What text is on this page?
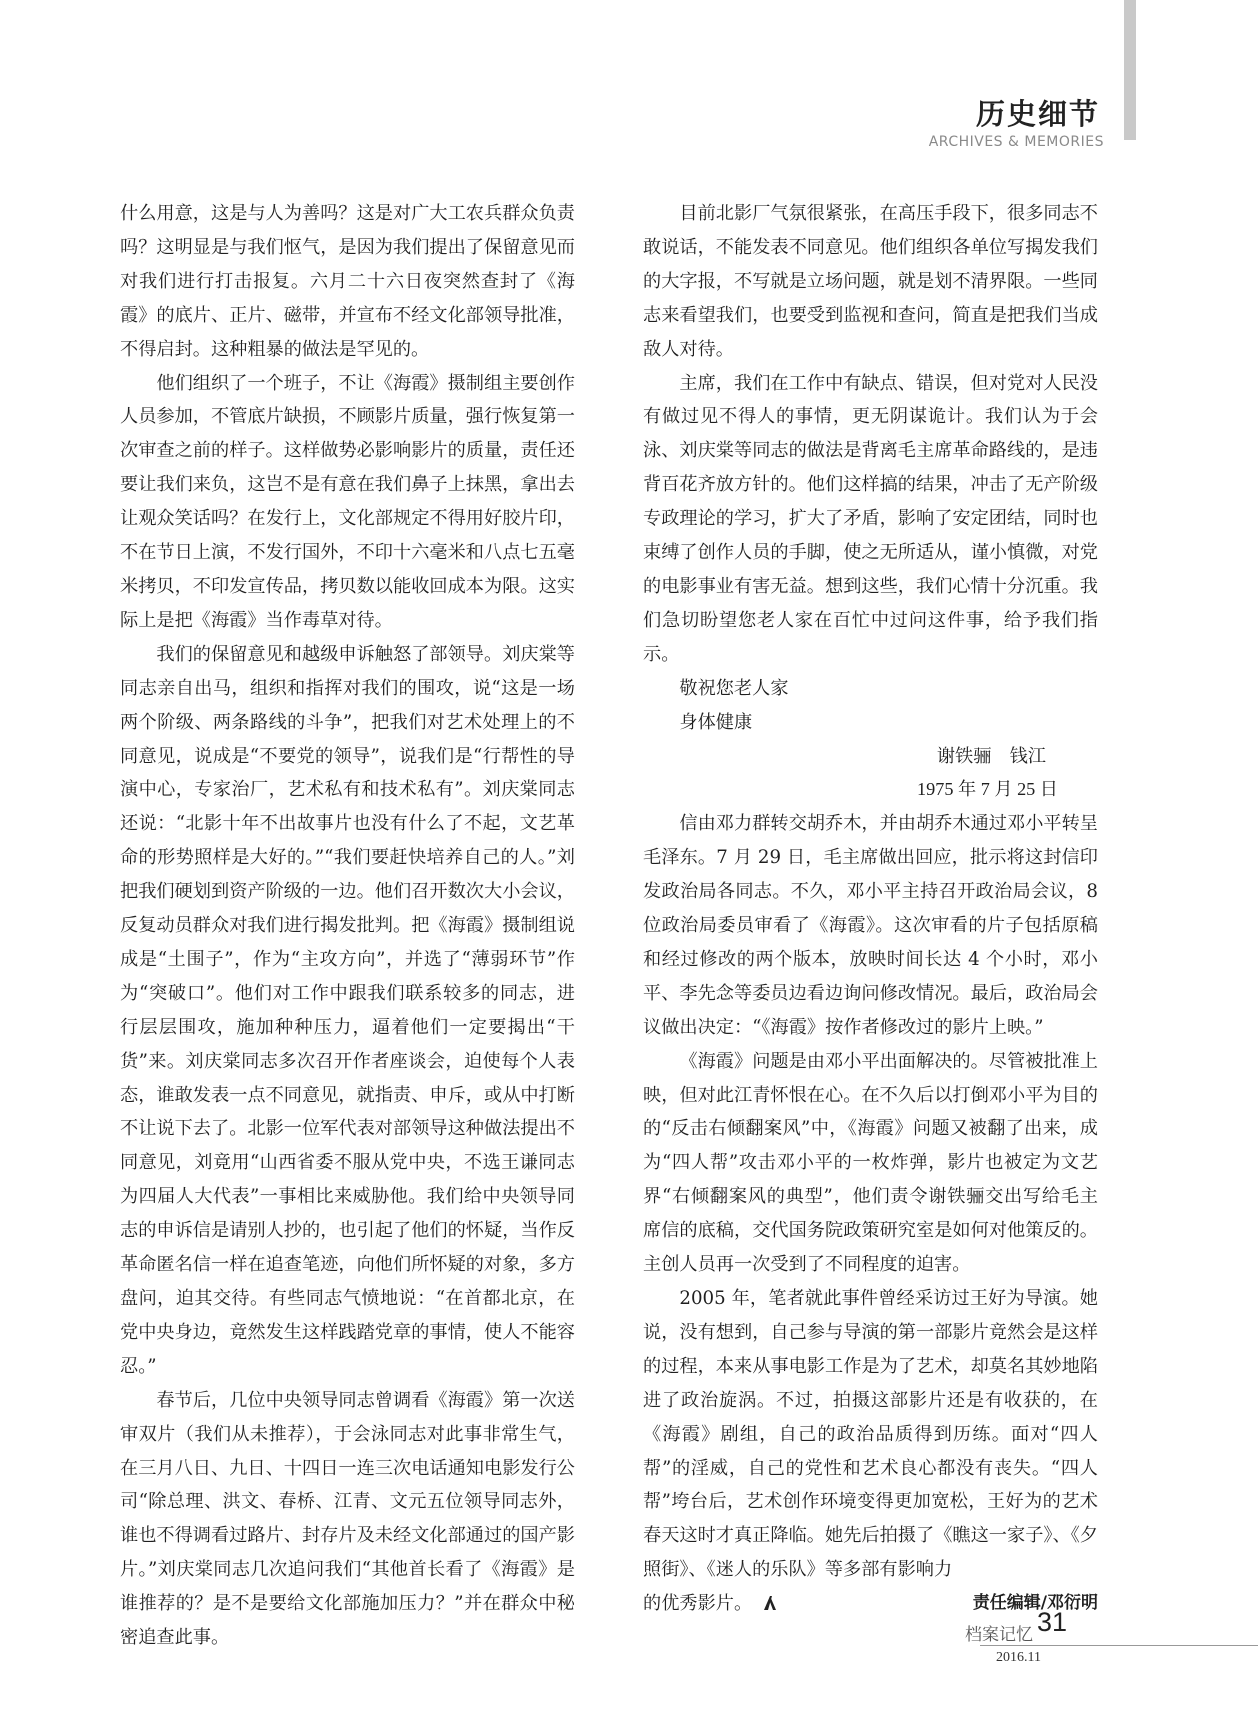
历史细节
ARCHIVES & MEMORIES

什么用意，这是与人为善吗？这是对广大工农兵群众负责吗？这明显是与我们怄气，是因为我们提出了保留意见而对我们进行打击报复。六月二十六日夜突然查封了《海霞》的底片、正片、磁带，并宣布不经文化部领导批准，不得启封。这种粗暴的做法是罕见的。

他们组织了一个班子，不让《海霞》摄制组主要创作人员参加，不管底片缺损，不顾影片质量，强行恢复第一次审查之前的样子。这样做势必影响影片的质量，责任还要让我们来负，这岂不是有意在我们鼻子上抹黑，拿出去让观众笑话吗？在发行上，文化部规定不得用好胶片印，不在节日上演，不发行国外，不印十六毫米和八点七五毫米拷贝，不印发宣传品，拷贝数以能收回成本为限。这实际上是把《海霞》当作毒草对待。

我们的保留意见和越级申诉触怒了部领导。刘庆棠等同志亲自出马，组织和指挥对我们的围攻，说“这是一场两个阶级、两条路线的斗争”，把我们对艺术处理上的不同意见，说成是“不要党的领导”，说我们是“行帮性的导演中心，专家治厂，艺术私有和技术私有”。刘庆棠同志还说：“北影十年不出故事片也没有什么了不起，文艺革命的形势照样是大好的。”“我们要赶快培养自己的人。”刘把我们硬划到资产阶级的一边。他们召开数次大小会议，反复动员群众对我们进行揭发批判。把《海霞》摄制组说成是“土围子”，作为“主攻方向”，并选了“薄弱环节”作为“突破口”。他们对工作中跟我们联系较多的同志，进行层层围攻，施加种种压力，逼着他们一定要揭出“干货”来。刘庆棠同志多次召开作者座谈会，迫使每个人表态，谁敢发表一点不同意见，就指责、申斥，或从中打断不让说下去了。北影一位军代表对部领导这种做法提出不同意见，刘竟用“山西省委不服从党中央，不选王谦同志为四届人大代表”一事相比来威胁他。我们给中央领导同志的申诉信是请别人抄的，也引起了他们的怀疑，当作反革命匿名信一样在追查笔迹，向他们所怀疑的对象，多方盘问，迫其交待。有些同志气愤地说：“在首都北京，在党中央身边，竟然发生这样践踏党章的事情，使人不能容忍。”

春节后，几位中央领导同志曾调看《海霞》第一次送审双片（我们从未推荐），于会泳同志对此事非常生气，在三月八日、九日、十四日一连三次电话通知电影发行公司“除总理、洪文、春桥、江青、文元五位领导同志外，谁也不得调看过路片、封存片及未经文化部通过的国产影片。”刘庆棠同志几次追问我们“其他首长看了《海霞》是谁推荐的？是不是要给文化部施加压力？”并在群众中秘密追查此事。

目前北影厂气氛很紧张，在高压手段下，很多同志不敢说话，不能发表不同意见。他们组织各单位写揭发我们的大字报，不写就是立场问题，就是划不清界限。一些同志来看望我们，也要受到监视和查问，简直是把我们当成敌人对待。

主席，我们在工作中有缺点、错误，但对党对人民没有做过见不得人的事情，更无阴谋诡计。我们认为于会泳、刘庆棠等同志的做法是背离毛主席革命路线的，是违背百花齐放方针的。他们这样搞的结果，冲击了无产阶级专政理论的学习，扩大了矛盾，影响了安定团结，同时也束缚了创作人员的手脚，使之无所适从，谨小慎微，对党的电影事业有害无益。想到这些，我们心情十分沉重。我们急切盼望您老人家在百忙中过问这件事，给予我们指示。

敬祝您老人家

身体健康

谢铁骊　钱江

1975 年 7 月 25 日

信由邓力群转交胡乔木，并由胡乔木通过邓小平转呈毛泽东。7 月 29 日，毛主席做出回应，批示将这封信印发政治局各同志。不久，邓小平主持召开政治局会议，8 位政治局委员审看了《海霞》。这次审看的片子包括原稿和经过修改的两个版本，放映时间长达 4 个小时，邓小平、李先念等委员边看边询问修改情况。最后，政治局会议做出决定：“《海霞》按作者修改过的影片上映。”

《海霞》问题是由邓小平出面解决的。尽管被批准上映，但对此江青怀恨在心。在不久后以打倒邓小平为目的的“反击右倾翻案风”中，《海霞》问题又被翻了出来，成为“四人帮”攻击邓小平的一枚炸弹，影片也被定为文艺界“右倾翻案风的典型”，他们责令谢铁骊交出写给毛主席信的底稿，交代国务院政策研究室是如何对他策反的。主创人员再一次受到了不同程度的迫害。

2005 年，笔者就此事件曾经采访过王好为导演。她说，没有想到，自己参与导演的第一部影片竟然会是这样的过程，本来从事电影工作是为了艺术，却莫名其妙地陷进了政治旋涡。不过，拍摄这部影片还是有收获的，在《海霞》剧组，自己的政治品质得到历练。面对“四人帮”的淫威，自己的党性和艺术良心都没有丧失。“四人帮”垮台后，艺术创作环境变得更加宽松，王好为的艺术春天这时才真正降临。她先后拍摄了《瞧这一家子》、《夕照街》、《迷人的乐队》等多部有影响力

的优秀影片。	责任编辑/邓衍明
档案记忆 31
2016.11
